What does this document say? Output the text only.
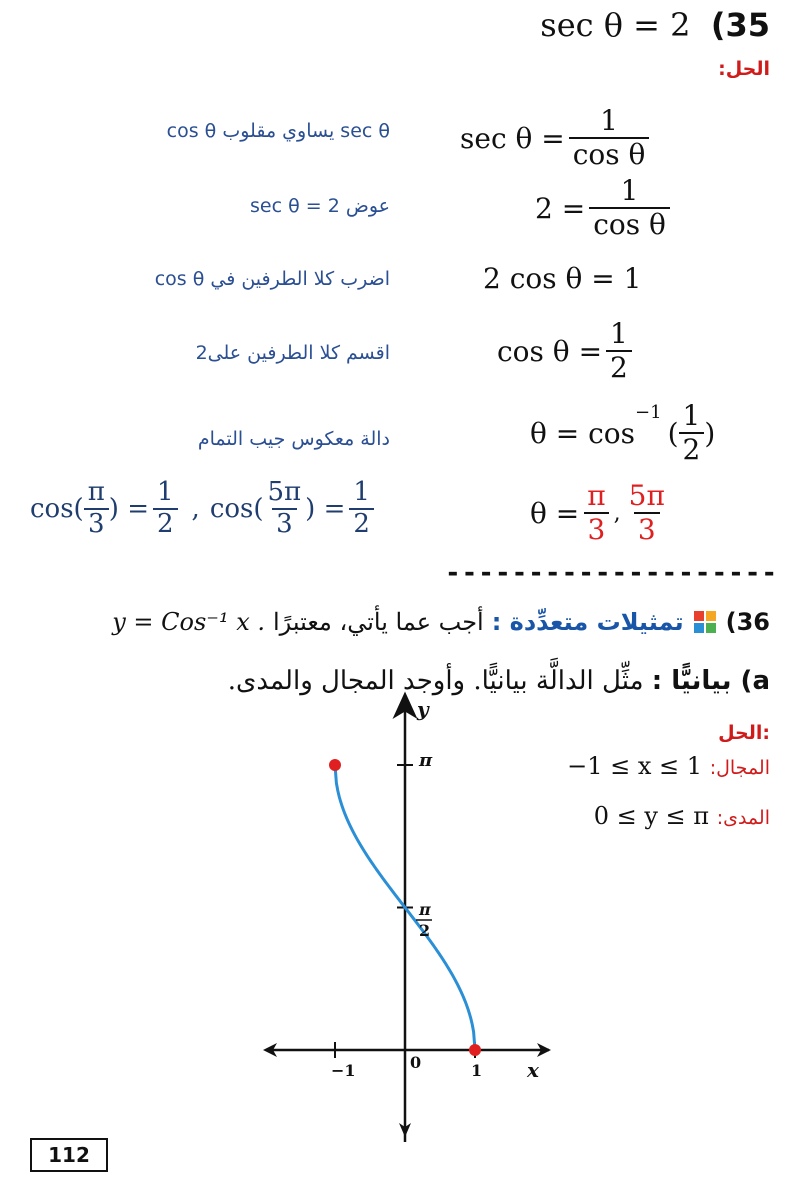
sec θ = 2 (35
الحل:
$\sec \theta = \frac{1}{\text{cos θ}}$
sec θ يساوي مقلوب cos θ
$2 = \frac{1}{\text{cos θ}}$
عوض sec θ = 2
2 cos θ = 1
اضرب كلا الطرفين في cos θ
$\cos \theta = \frac{1}{2}$
اقسم كلا الطرفين على2
θ = cos
$^{-1}$
( $\frac{1}{2}$ )
دالة معكوس جيب التمام
$\theta = \frac{\pi}{3}$ , $\frac{5\pi}{3}$
$\cos( \frac{\pi}{3}$ ) = $\frac{1}{2}$ , $\cos( \frac{5\pi}{3}$ ) = $\frac{1}{2}$
--------------------
36)
تمثيلات متعدِّدة :
أجب عما يأتي، معتبرًا
y = Cos⁻¹ x .
a) بيانيًّا : مثِّل الدالَّة بيانيًّا. وأوجد المجال والمدى.
الحل:
المجال: −1 ≤ x ≤ 1
المدى: 0 ≤ y ≤ π
y
x
−1	0	1
π
π
2
112
